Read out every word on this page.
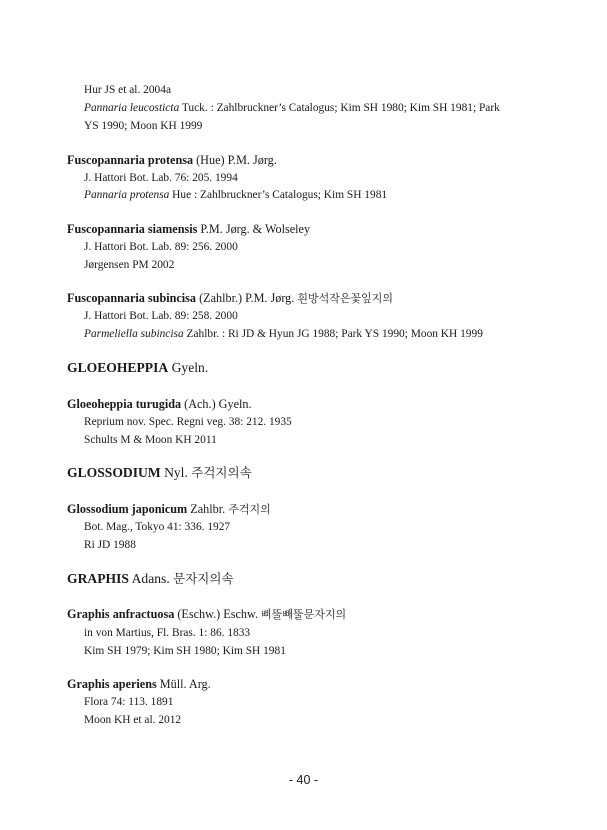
Hur JS et al. 2004a
Pannaria leucosticta Tuck. : Zahlbruckner’s Catalogus; Kim SH 1980; Kim SH 1981; Park
YS 1990; Moon KH 1999
Fuscopannaria protensa (Hue) P.M. Jørg.
J. Hattori Bot. Lab. 76: 205. 1994
Pannaria protensa Hue : Zahlbruckner’s Catalogus; Kim SH 1981
Fuscopannaria siamensis P.M. Jørg. & Wolseley
J. Hattori Bot. Lab. 89: 256. 2000
Jørgensen PM 2002
Fuscopannaria subincisa (Zahlbr.) P.M. Jørg. 흰방석작은꽃잎지의
J. Hattori Bot. Lab. 89: 258. 2000
Parmeliella subincisa Zahlbr. : Ri JD & Hyun JG 1988; Park YS 1990; Moon KH 1999
GLOEOHEPPIA Gyeln.
Gloeoheppia turugida (Ach.) Gyeln.
Reprium nov. Spec. Regni veg. 38: 212. 1935
Schults M & Moon KH 2011
GLOSSODIUM Nyl. 주걱지의속
Glossodium japonicum Zahlbr. 주걱지의
Bot. Mag., Tokyo 41: 336. 1927
Ri JD 1988
GRAPHIS Adans. 문자지의속
Graphis anfractuosa (Eschw.) Eschw. 삐뚤빼뚤문자지의
in von Martius, Fl. Bras. 1: 86. 1833
Kim SH 1979; Kim SH 1980; Kim SH 1981
Graphis aperiens Müll. Arg.
Flora 74: 113. 1891
Moon KH et al. 2012
- 40 -
